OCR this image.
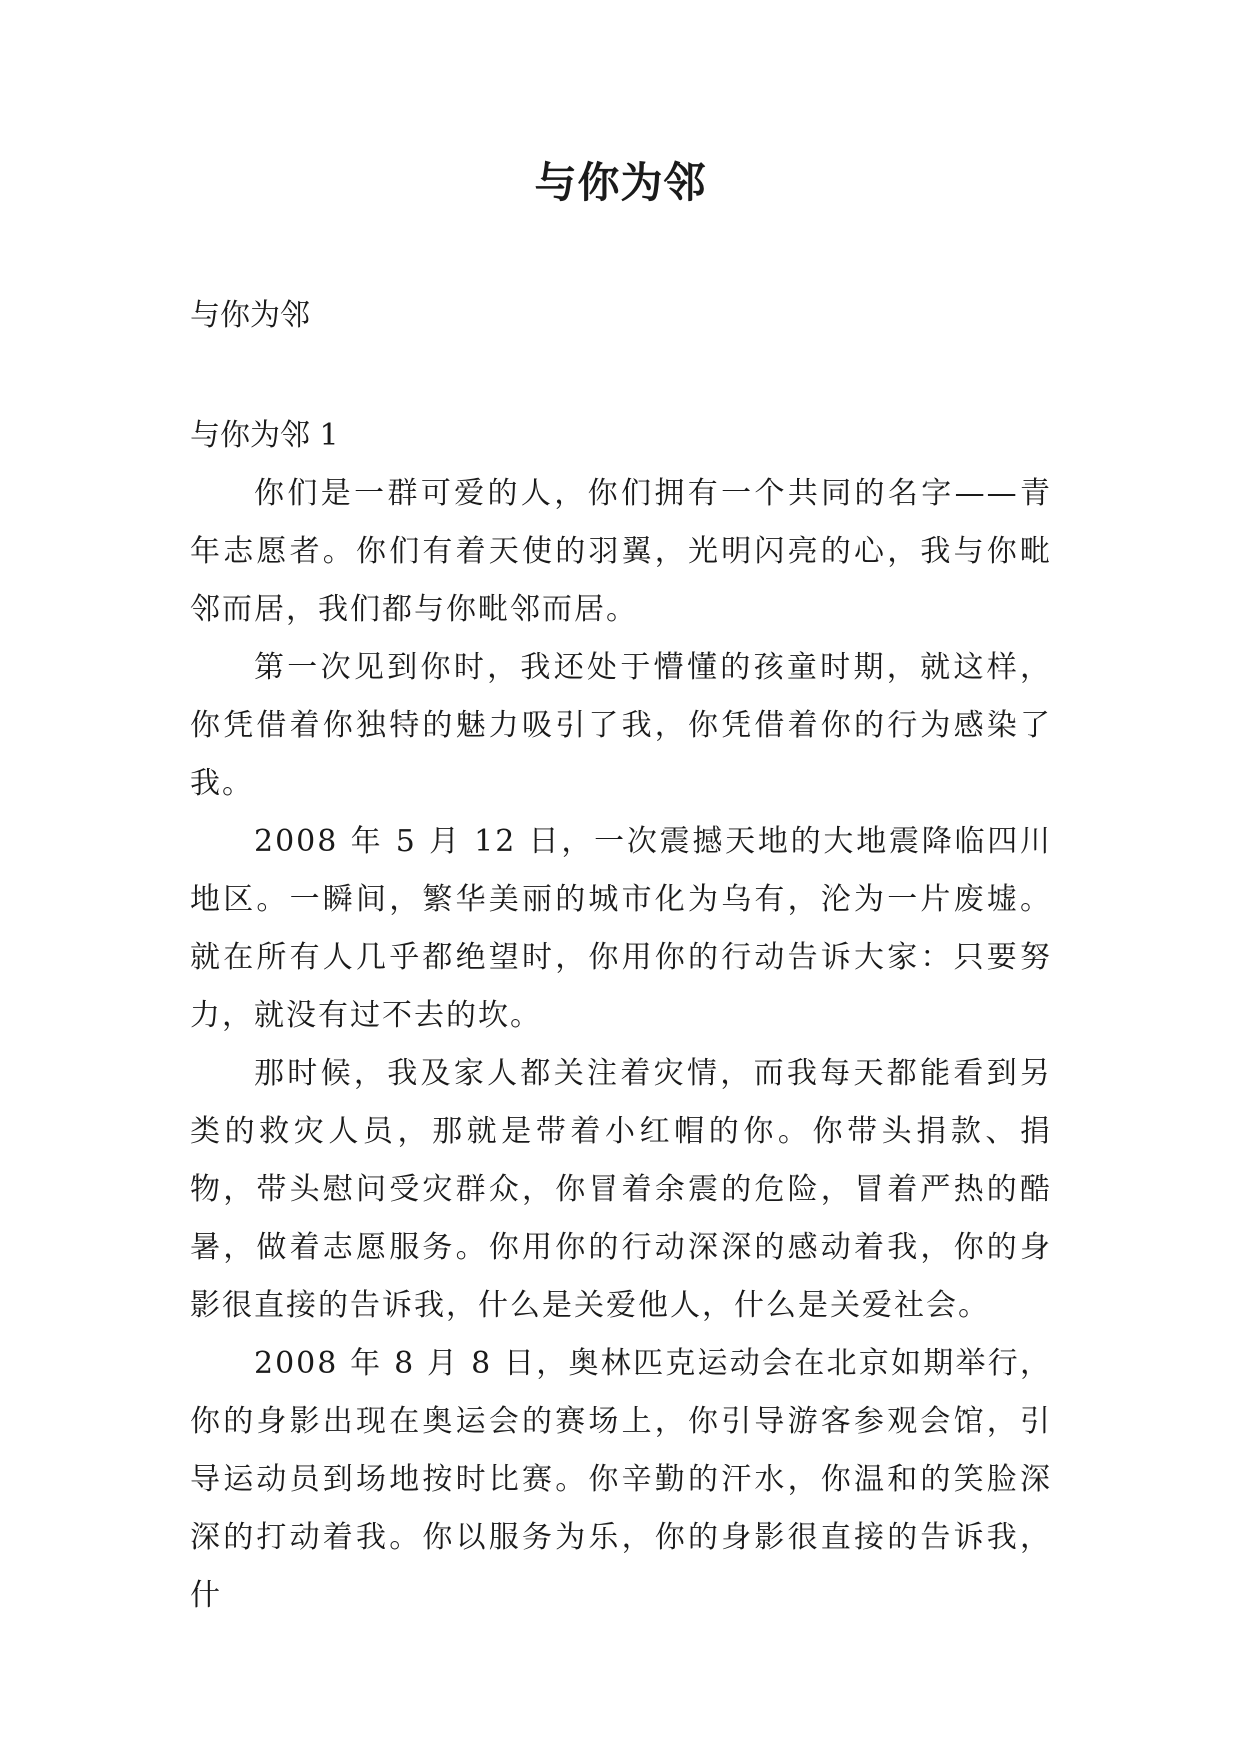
与你为邻
与你为邻
与你为邻 1

你们是一群可爱的人，你们拥有一个共同的名字——青年志愿者。你们有着天使的羽翼，光明闪亮的心，我与你毗邻而居，我们都与你毗邻而居。

第一次见到你时，我还处于懵懂的孩童时期，就这样，你凭借着你独特的魅力吸引了我，你凭借着你的行为感染了我。

2008 年 5 月 12 日，一次震撼天地的大地震降临四川地区。一瞬间，繁华美丽的城市化为乌有，沦为一片废墟。就在所有人几乎都绝望时，你用你的行动告诉大家：只要努力，就没有过不去的坎。

那时候，我及家人都关注着灾情，而我每天都能看到另类的救灾人员，那就是带着小红帽的你。你带头捐款、捐物，带头慰问受灾群众，你冒着余震的危险，冒着严热的酷暑，做着志愿服务。你用你的行动深深的感动着我，你的身影很直接的告诉我，什么是关爱他人，什么是关爱社会。

2008 年 8 月 8 日，奥林匹克运动会在北京如期举行，你的身影出现在奥运会的赛场上，你引导游客参观会馆，引导运动员到场地按时比赛。你辛勤的汗水，你温和的笑脸深深的打动着我。你以服务为乐，你的身影很直接的告诉我，什
